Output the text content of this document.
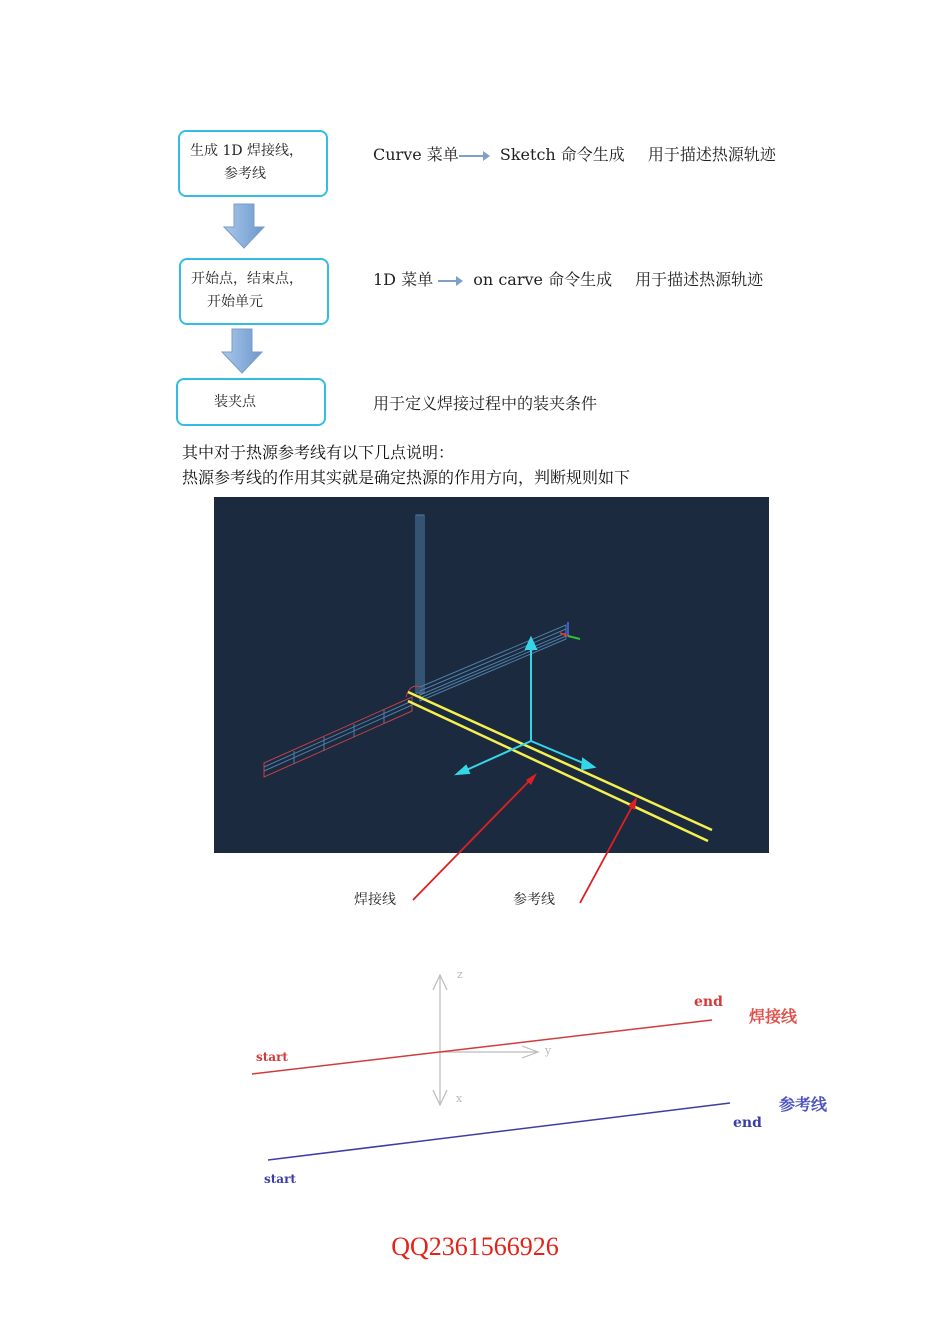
生成 1D 焊接线，
参考线
开始点，结束点，
开始单元
装夹点
Curve 菜单	Sketch 命令生成 用于描述热源轨迹
1D 菜单	on carve 命令生成 用于描述热源轨迹
用于定义焊接过程中的装夹条件
其中对于热源参考线有以下几点说明：
热源参考线的作用其实就是确定热源的作用方向，判断规则如下
焊接线	参考线
z
y
x
start
end
焊接线
start
end
参考线
QQ2361566926
